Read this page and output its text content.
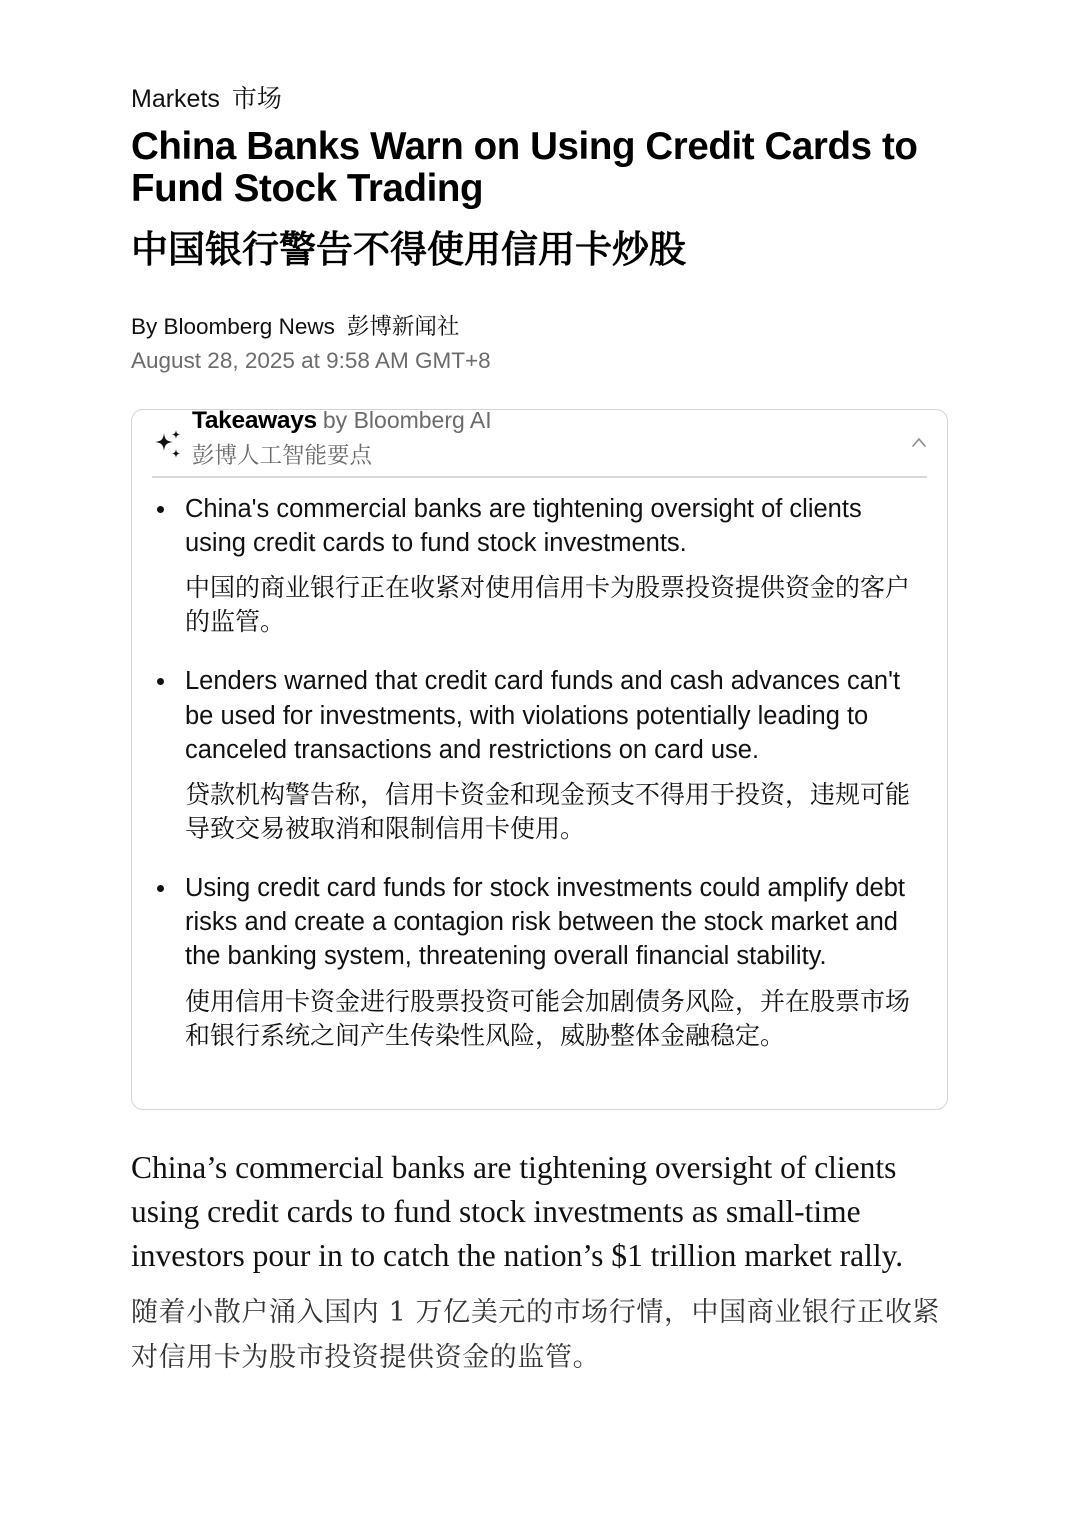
Markets 市场
China Banks Warn on Using Credit Cards to Fund Stock Trading
中国银行警告不得使用信用卡炒股
By Bloomberg News 彭博新闻社
August 28, 2025 at 9:58 AM GMT+8
Takeaways by Bloomberg AI
彭博人工智能要点

China's commercial banks are tightening oversight of clients using credit cards to fund stock investments.

中国的商业银行正在收紧对使用信用卡为股票投资提供资金的客户的监管。

Lenders warned that credit card funds and cash advances can't be used for investments, with violations potentially leading to canceled transactions and restrictions on card use.

贷款机构警告称，信用卡资金和现金预支不得用于投资，违规可能导致交易被取消和限制信用卡使用。

Using credit card funds for stock investments could amplify debt risks and create a contagion risk between the stock market and the banking system, threatening overall financial stability.

使用信用卡资金进行股票投资可能会加剧债务风险，并在股票市场和银行系统之间产生传染性风险，威胁整体金融稳定。

China’s commercial banks are tightening oversight of clients using credit cards to fund stock investments as small-time investors pour in to catch the nation’s $1 trillion market rally.

随着小散户涌入国内 1 万亿美元的市场行情，中国商业银行正收紧对信用卡为股市投资提供资金的监管。
